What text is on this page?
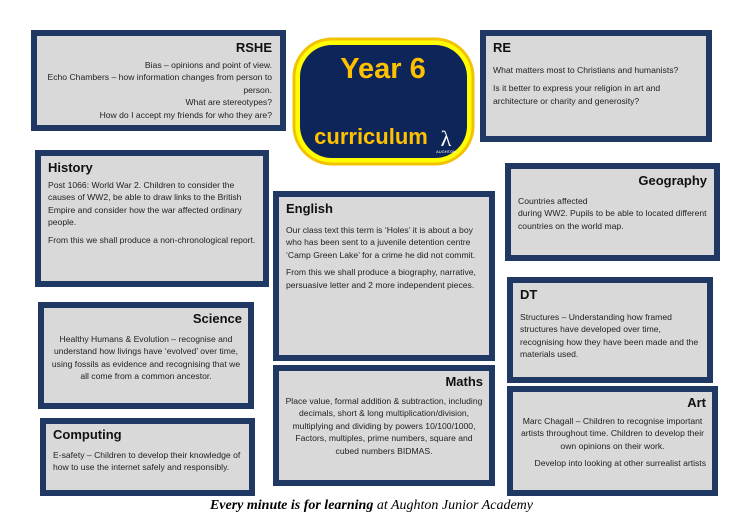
RSHE

Bias – opinions and point of view.

Echo Chambers – how information changes from person to person.

What are stereotypes?

How do I accept my friends for who they are?

Year 6
curriculum λ
AUGHTON
RE

What matters most to Christians and humanists?

Is it better to express your religion in art and architecture or charity and generosity?

History

Post 1066: World War 2. Children to consider the causes of WW2, be able to draw links to the British Empire and consider how the war affected ordinary people.

From this we shall produce a non-chronological report.

Geography

Countries affected

during WW2. Pupils to be able to located different countries on the world map.

English

Our class text this term is ‘Holes’ it is about a boy who has been sent to a juvenile detention centre ‘Camp Green Lake’ for a crime he did not commit.

From this we shall produce a biography, narrative, persuasive letter and 2 more independent pieces.

Science

Healthy Humans & Evolution – recognise and understand how livings have ‘evolved’ over time, using fossils as evidence and recognising that we all come from a common ancestor.

DT

Structures – Understanding how framed structures have developed over time, recognising how they have been made and the materials used.

Maths

Place value, formal addition & subtraction, including decimals, short & long multiplication/division, multiplying and dividing by powers 10/100/1000, Factors, multiples, prime numbers, square and cubed numbers BIDMAS.

Computing

E-safety – Children to develop their knowledge of how to use the internet safely and responsibly.

Art

Marc Chagall – Children to recognise important artists throughout time. Children to develop their own opinions on their work.

Develop into looking at other surrealist artists

Every minute is for learning at Aughton Junior Academy
